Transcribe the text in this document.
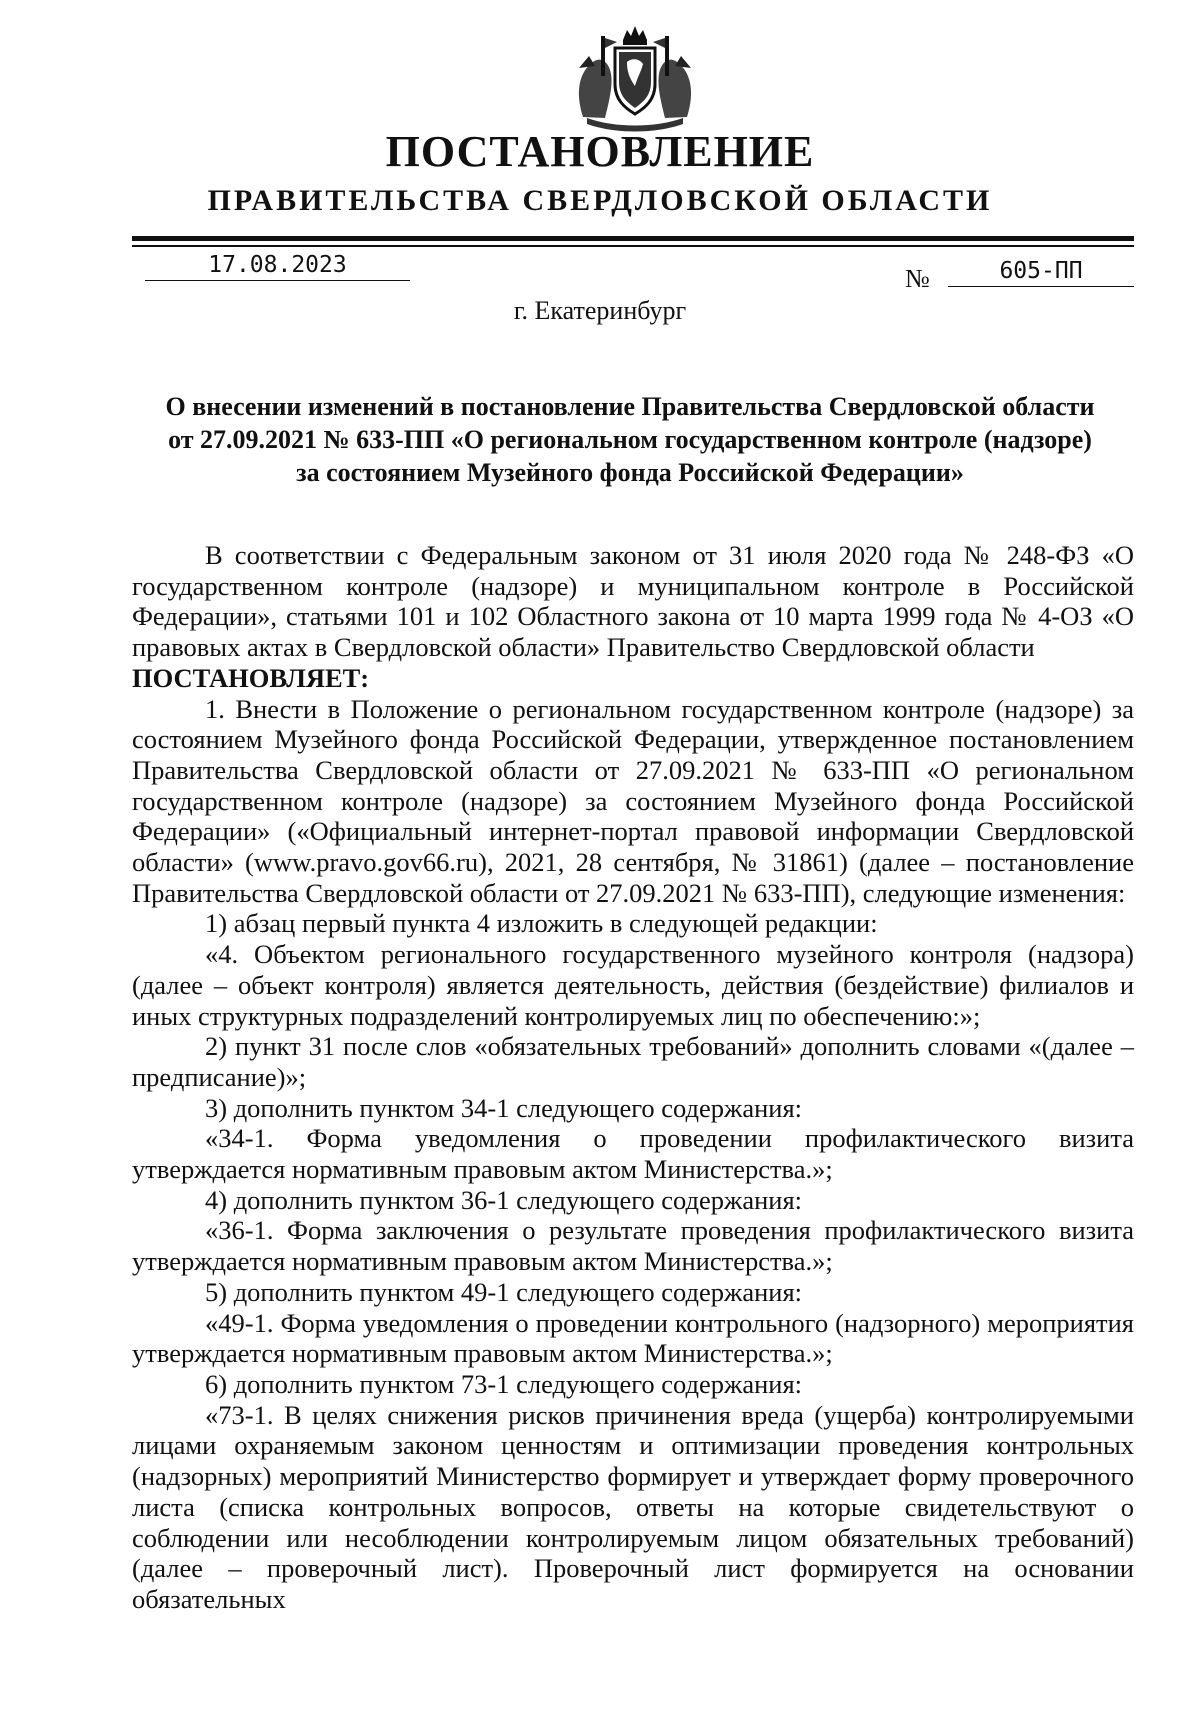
ПОСТАНОВЛЕНИЕ
ПРАВИТЕЛЬСТВА СВЕРДЛОВСКОЙ ОБЛАСТИ
17.08.2023	№	605-ПП
г. Екатеринбург
О внесении изменений в постановление Правительства Свердловской области
от 27.09.2021 № 633-ПП «О региональном государственном контроле (надзоре)
за состоянием Музейного фонда Российской Федерации»

В соответствии с Федеральным законом от 31 июля 2020 года № 248-ФЗ «О государственном контроле (надзоре) и муниципальном контроле в Российской Федерации», статьями 101 и 102 Областного закона от 10 марта 1999 года № 4-ОЗ «О правовых актах в Свердловской области» Правительство Свердловской области

ПОСТАНОВЛЯЕТ:

1. Внести в Положение о региональном государственном контроле (надзоре) за состоянием Музейного фонда Российской Федерации, утвержденное постановлением Правительства Свердловской области от 27.09.2021 № 633-ПП «О региональном государственном контроле (надзоре) за состоянием Музейного фонда Российской Федерации» («Официальный интернет-портал правовой информации Свердловской области» (www.pravo.gov66.ru), 2021, 28 сентября, № 31861) (далее – постановление Правительства Свердловской области от 27.09.2021 № 633-ПП), следующие изменения:

1) абзац первый пункта 4 изложить в следующей редакции:

«4. Объектом регионального государственного музейного контроля (надзора) (далее – объект контроля) является деятельность, действия (бездействие) филиалов и иных структурных подразделений контролируемых лиц по обеспечению:»;

2) пункт 31 после слов «обязательных требований» дополнить словами «(далее – предписание)»;

3) дополнить пунктом 34-1 следующего содержания:

«34-1. Форма уведомления о проведении профилактического визита утверждается нормативным правовым актом Министерства.»;

4) дополнить пунктом 36-1 следующего содержания:

«36-1. Форма заключения о результате проведения профилактического визита утверждается нормативным правовым актом Министерства.»;

5) дополнить пунктом 49-1 следующего содержания:

«49-1. Форма уведомления о проведении контрольного (надзорного) мероприятия утверждается нормативным правовым актом Министерства.»;

6) дополнить пунктом 73-1 следующего содержания:

«73-1. В целях снижения рисков причинения вреда (ущерба) контролируемыми лицами охраняемым законом ценностям и оптимизации проведения контрольных (надзорных) мероприятий Министерство формирует и утверждает форму проверочного листа (списка контрольных вопросов, ответы на которые свидетельствуют о соблюдении или несоблюдении контролируемым лицом обязательных требований) (далее – проверочный лист). Проверочный лист формируется на основании обязательных
